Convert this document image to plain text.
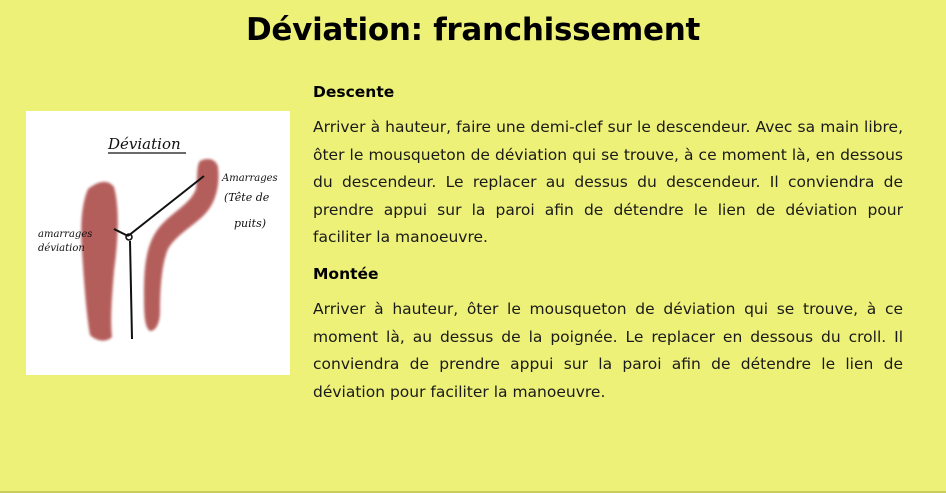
Déviation: franchissement
Déviation
amarrages
déviation
Amarrages
(Tête de
puits)
Descente

Arriver à hauteur, faire une demi-clef sur le descendeur. Avec sa main libre, ôter le mousqueton de déviation qui se trouve, à ce moment là, en dessous du descendeur. Le replacer au dessus du descendeur. Il conviendra de prendre appui sur la paroi afin de détendre le lien de déviation pour faciliter la manoeuvre.

Montée

Arriver à hauteur, ôter le mousqueton de déviation qui se trouve, à ce moment là, au dessus de la poignée. Le replacer en dessous du croll. Il conviendra de prendre appui sur la paroi afin de détendre le lien de déviation pour faciliter la manoeuvre.
